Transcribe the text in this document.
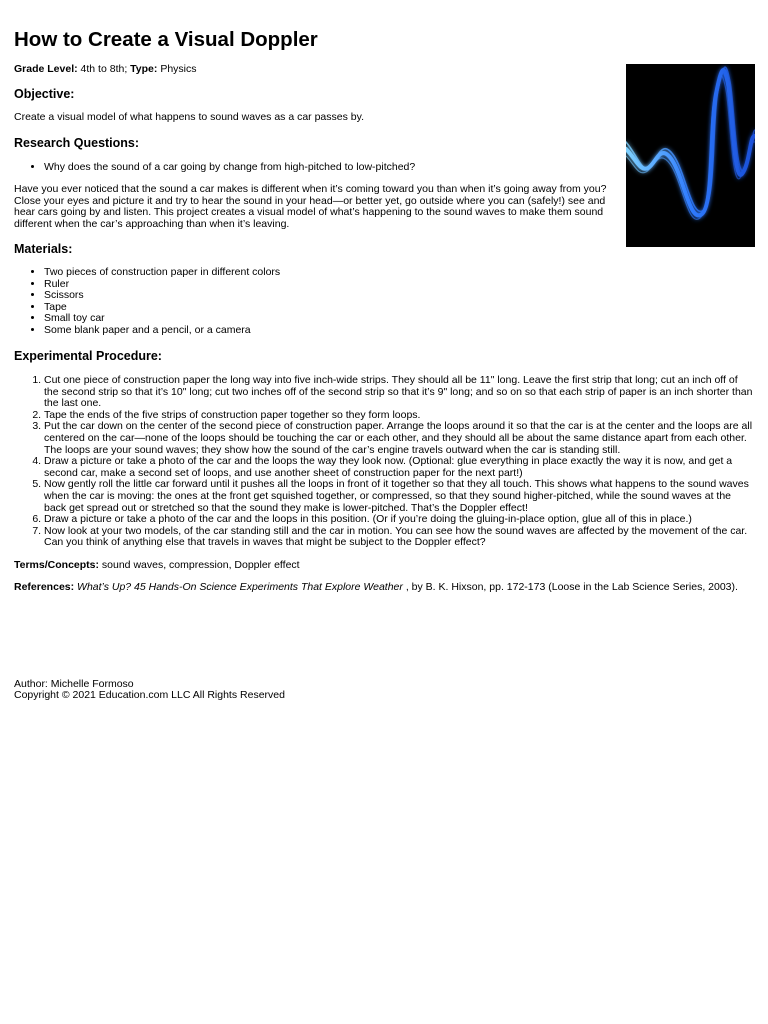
How to Create a Visual Doppler

Grade Level: 4th to 8th; Type: Physics

Objective:

Create a visual model of what happens to sound waves as a car passes by.

Research Questions:
• Why does the sound of a car going by change from high-pitched to low-pitched?

Have you ever noticed that the sound a car makes is different when it’s coming toward you than when it’s going away from you? Close your eyes and picture it and try to hear the sound in your head—or better yet, go outside where you can (safely!) see and hear cars going by and listen. This project creates a visual model of what’s happening to the sound waves to make them sound different when the car’s approaching than when it’s leaving.

Materials:
• Two pieces of construction paper in different colors
• Ruler
• Scissors
• Tape
• Small toy car
• Some blank paper and a pencil, or a camera
Experimental Procedure:
1. Cut one piece of construction paper the long way into five inch-wide strips. They should all be 11" long. Leave the first strip that long; cut an inch off of the second strip so that it’s 10" long; cut two inches off of the second strip so that it’s 9" long; and so on so that each strip of paper is an inch shorter than the last one.
2. Tape the ends of the five strips of construction paper together so they form loops.
3. Put the car down on the center of the second piece of construction paper. Arrange the loops around it so that the car is at the center and the loops are all centered on the car—none of the loops should be touching the car or each other, and they should all be about the same distance apart from each other. The loops are your sound waves; they show how the sound of the car’s engine travels outward when the car is standing still.
4. Draw a picture or take a photo of the car and the loops the way they look now. (Optional: glue everything in place exactly the way it is now, and get a second car, make a second set of loops, and use another sheet of construction paper for the next part!)
5. Now gently roll the little car forward until it pushes all the loops in front of it together so that they all touch. This shows what happens to the sound waves when the car is moving: the ones at the front get squished together, or compressed, so that they sound higher-pitched, while the sound waves at the back get spread out or stretched so that the sound they make is lower-pitched. That’s the Doppler effect!
6. Draw a picture or take a photo of the car and the loops in this position. (Or if you’re doing the gluing-in-place option, glue all of this in place.)
7. Now look at your two models, of the car standing still and the car in motion. You can see how the sound waves are affected by the movement of the car. Can you think of anything else that travels in waves that might be subject to the Doppler effect?

Terms/Concepts: sound waves, compression, Doppler effect

References: What’s Up? 45 Hands-On Science Experiments That Explore Weather , by B. K. Hixson, pp. 172-173 (Loose in the Lab Science Series, 2003).

Author: Michelle Formoso

Copyright © 2021 Education.com LLC All Rights Reserved
